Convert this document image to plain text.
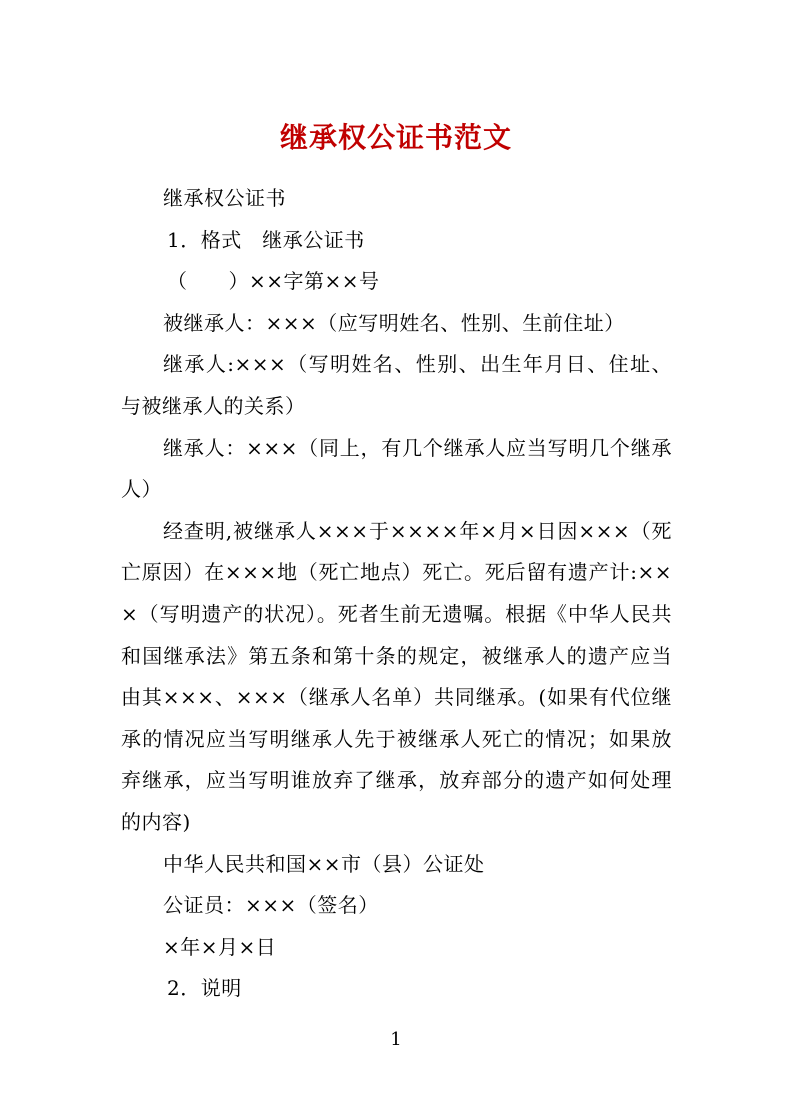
继承权公证书范文

继承权公证书

1．格式　继承公证书

（　　）××字第××号

被继承人：×××（应写明姓名、性别、生前住址）

继承人:×××（写明姓名、性别、出生年月日、住址、与被继承人的关系）

继承人：×××（同上，有几个继承人应当写明几个继承人）

经查明,被继承人×××于××××年×月×日因×××（死亡原因）在×××地（死亡地点）死亡。死后留有遗产计:×××（写明遗产的状况）。死者生前无遗嘱。根据《中华人民共和国继承法》第五条和第十条的规定，被继承人的遗产应当由其×××、×××（继承人名单）共同继承。(如果有代位继承的情况应当写明继承人先于被继承人死亡的情况；如果放弃继承，应当写明谁放弃了继承，放弃部分的遗产如何处理的内容)

中华人民共和国××市（县）公证处

公证员：×××（签名）

×年×月×日

2．说明

1
